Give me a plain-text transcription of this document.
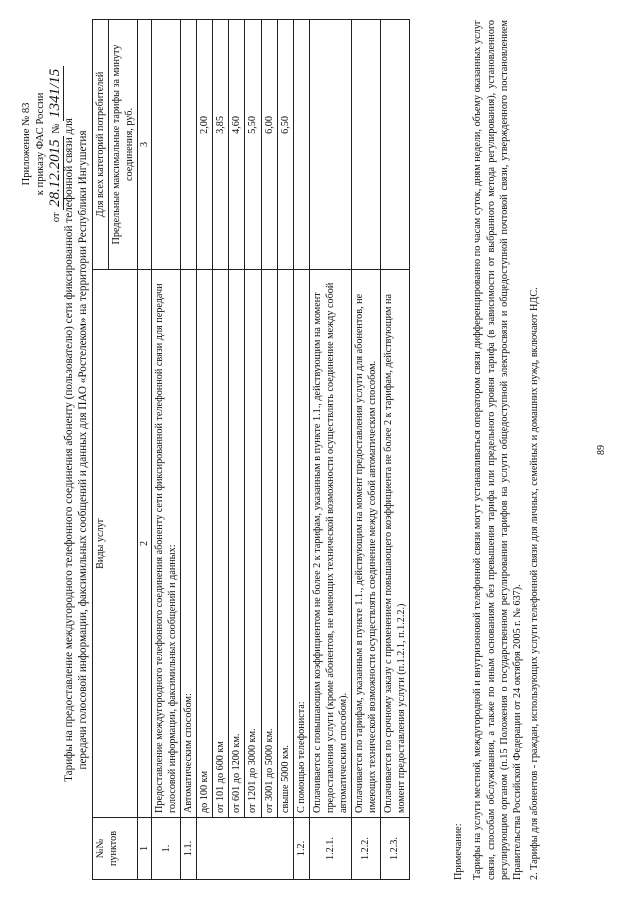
Приложение № 83 к приказу ФАС России
от 28.12.2015 № 1341/15
Тарифы на предоставление междугородного телефонного соединения абоненту (пользователю) сети фиксированной телефонной связи для передачи голосовой информации, факсимильных сообщений и данных для ПАО «Ростелеком» на территории Республики Ингушетия
№№ пунктов	Виды услуг	Для всех категорий потребителей
		Предельные максимальные тарифы за минуту соединения, руб.
1	2	3
1.	Предоставление междугородного телефонного соединения абоненту сети фиксированной телефонной связи для передачи голосовой информации, факсимильных сообщений и данных:	
1.1.	Автоматическим способом:	
	до 100 км	2,00
	от 101 до 600 км	3,85
	от 601 до 1200 км.	4,60
	от 1201 до 3000 км.	5,50
	от 3001 до 5000 км.	6,00
	свыше 5000 км.	6,50
1.2.	С помощью телефониста:	
1.2.1.	Оплачивается с повышающим коэффициентом не более 2 к тарифам, указанным в пункте 1.1., действующим на момент предоставления услуги (кроме абонентов, не имеющих технической возможности осуществлять соединение между собой автоматическим способом).	
1.2.2.	Оплачивается по тарифам, указанным в пункте 1.1., действующим на момент предоставления услуги для абонентов, не имеющих технической возможности осуществлять соединение между собой автоматическим способом.	
1.2.3.	Оплачивается по срочному заказу с применением повышающего коэффициента не более 2 к тарифам, действующим на момент предоставления услуги (п.1.2.1, п.1.2.2.)	

Примечание: Тарифы на услуги местной, междугородной и внутризоновой телефонной связи могут устанавливаться оператором связи дифференцированно по часам суток, дням недели, объему оказанных услуг связи, способам обслуживания, а также по иным основаниям без превышения тарифа или предельного уровня тарифа (в зависимости от выбранного метода регулирования), установленного регулирующим органом (п.15 Положения о государственном регулировании тарифов на услуги общедоступной электросвязи и общедоступной почтовой связи, утвержденного постановлением Правительства Российской Федерации от 24 октября 2005 г. № 637). 2. Тарифы для абонентов - граждан, использующих услуги телефонной связи для личных, семейных и домашних нужд, включают НДС.	89
